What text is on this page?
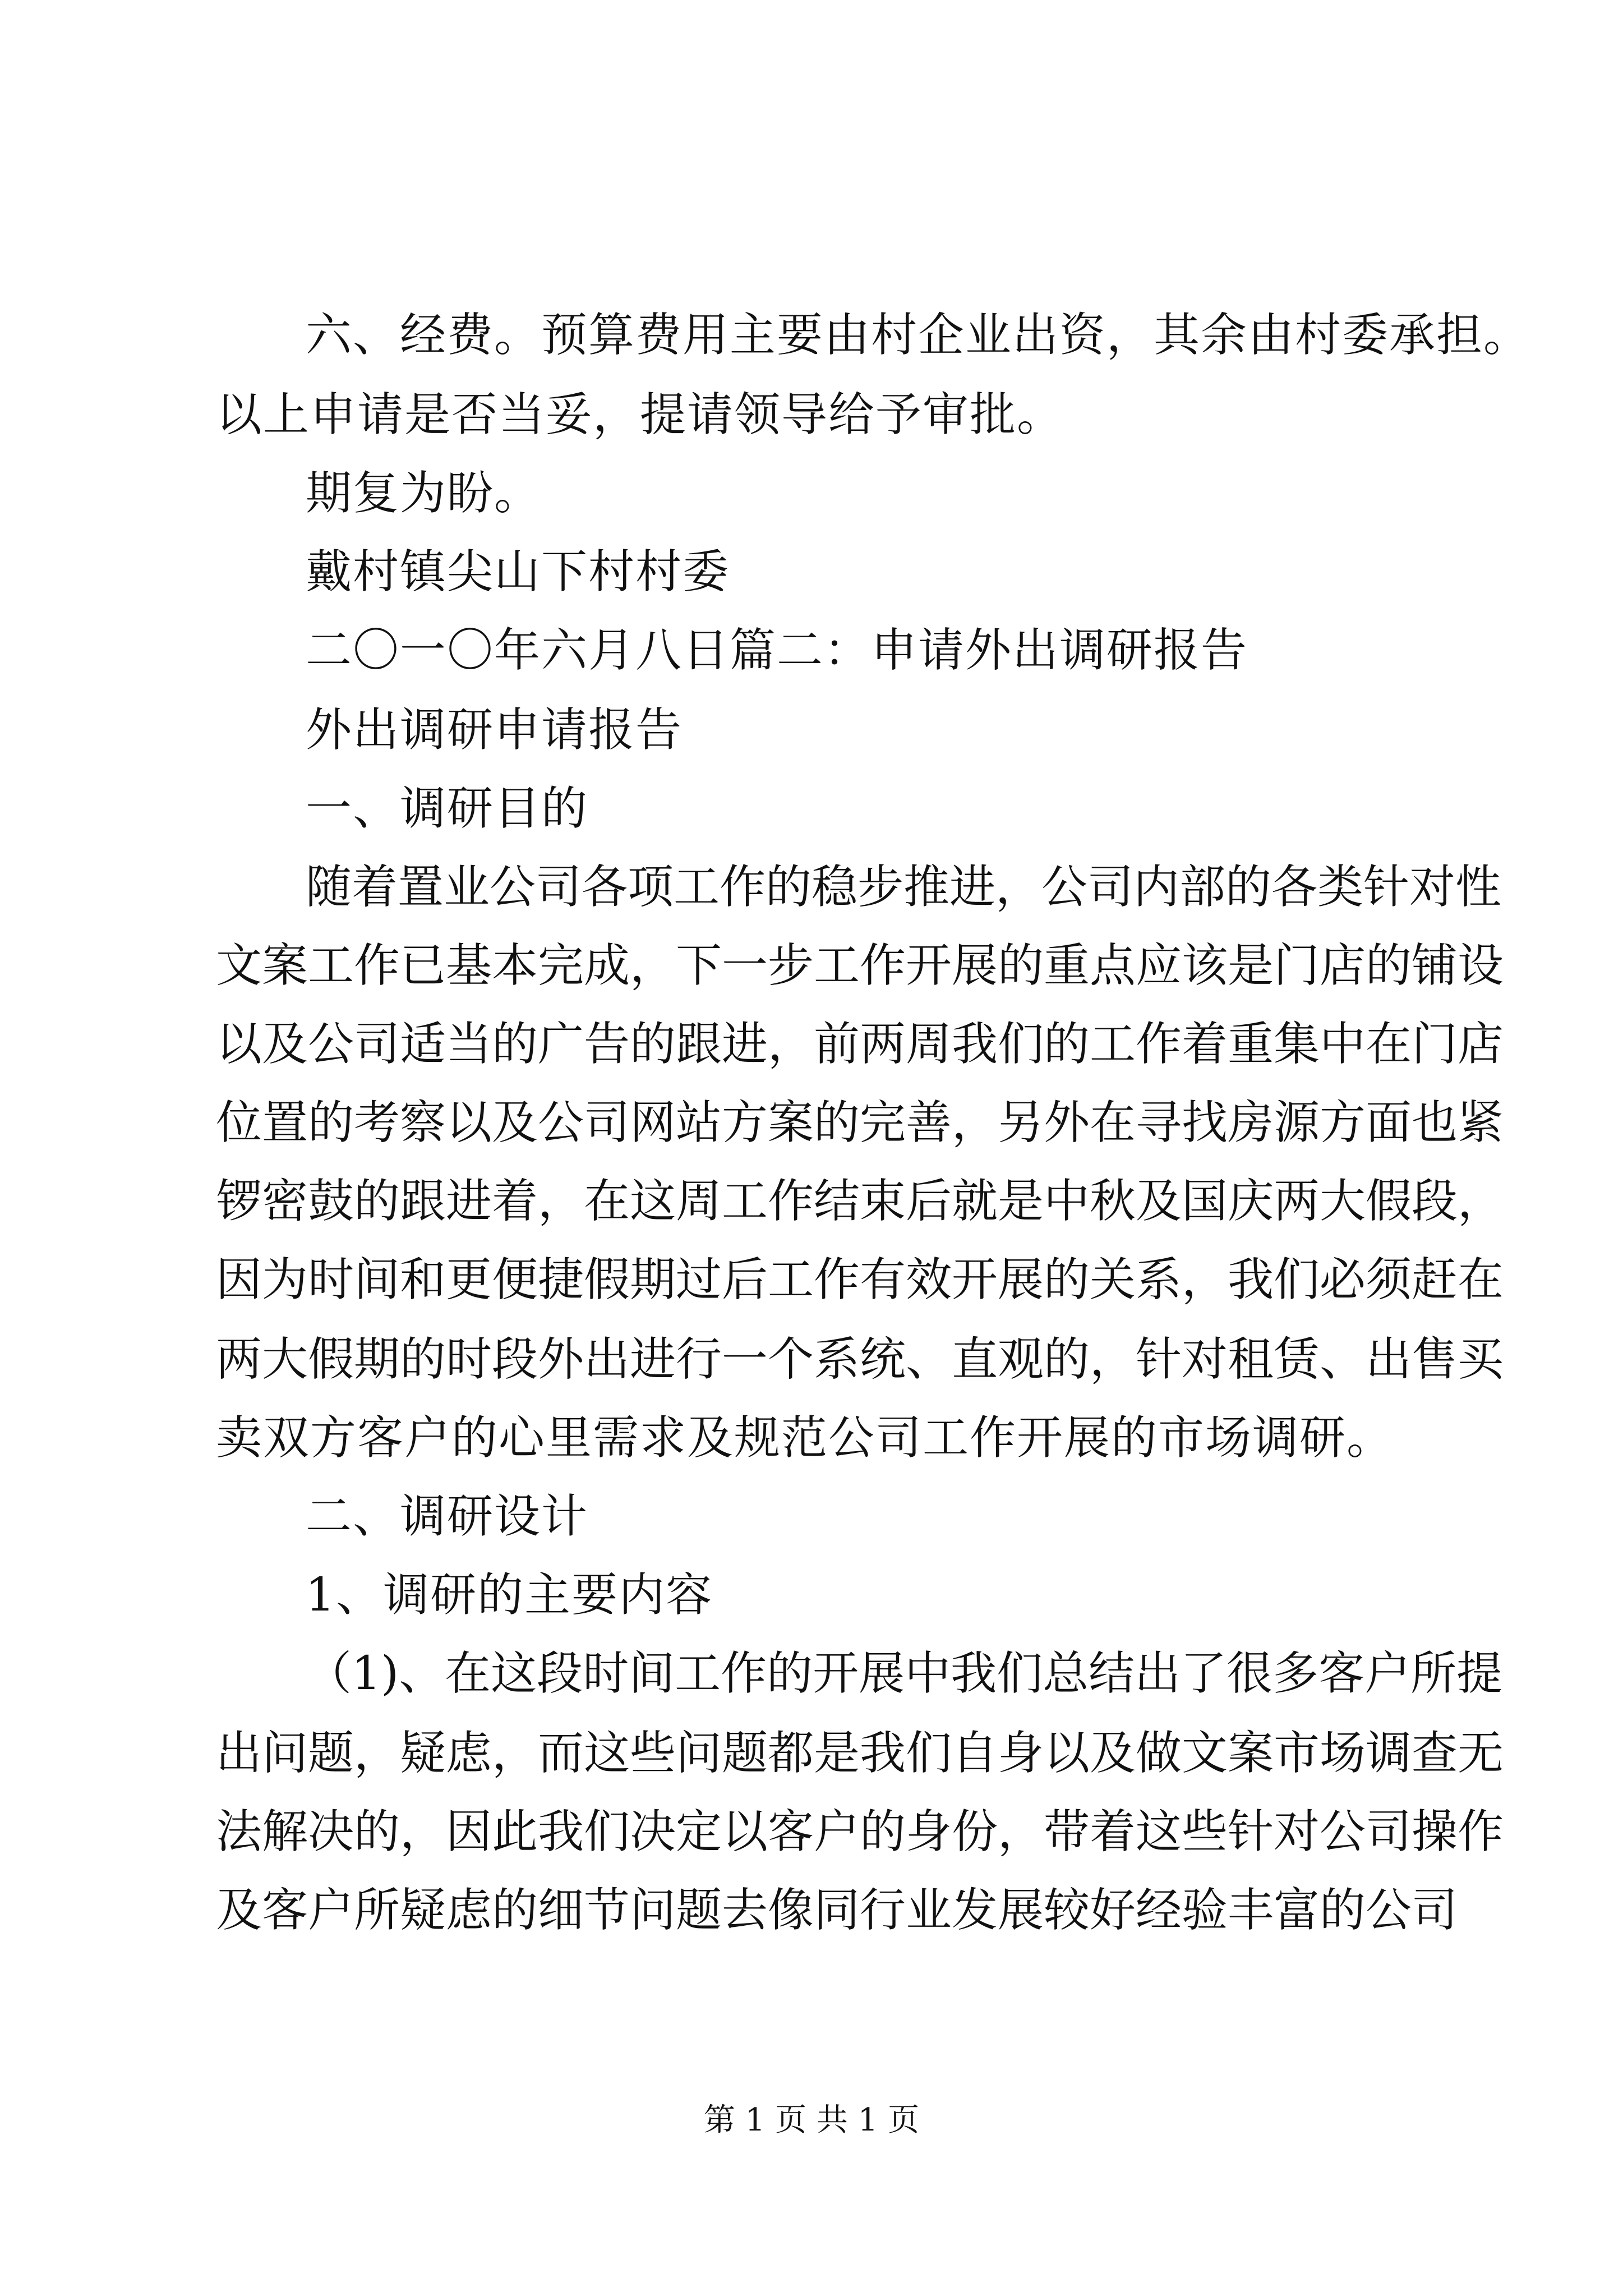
六、经费。预算费用主要由村企业出资，其余由村委承担。
以上申请是否当妥，提请领导给予审批。
期复为盼。
戴村镇尖山下村村委
二〇一〇年六月八日篇二：申请外出调研报告
外出调研申请报告
一、调研目的
随着置业公司各项工作的稳步推进，公司内部的各类针对性
文案工作已基本完成，下一步工作开展的重点应该是门店的铺设
以及公司适当的广告的跟进，前两周我们的工作着重集中在门店
位置的考察以及公司网站方案的完善，另外在寻找房源方面也紧
锣密鼓的跟进着，在这周工作结束后就是中秋及国庆两大假段，
因为时间和更便捷假期过后工作有效开展的关系，我们必须赶在
两大假期的时段外出进行一个系统、直观的，针对租赁、出售买
卖双方客户的心里需求及规范公司工作开展的市场调研。
二、调研设计
1、调研的主要内容
（1)、在这段时间工作的开展中我们总结出了很多客户所提
出问题，疑虑，而这些问题都是我们自身以及做文案市场调查无
法解决的，因此我们决定以客户的身份，带着这些针对公司操作
及客户所疑虑的细节问题去像同行业发展较好经验丰富的公司
第 1 页 共 1 页
